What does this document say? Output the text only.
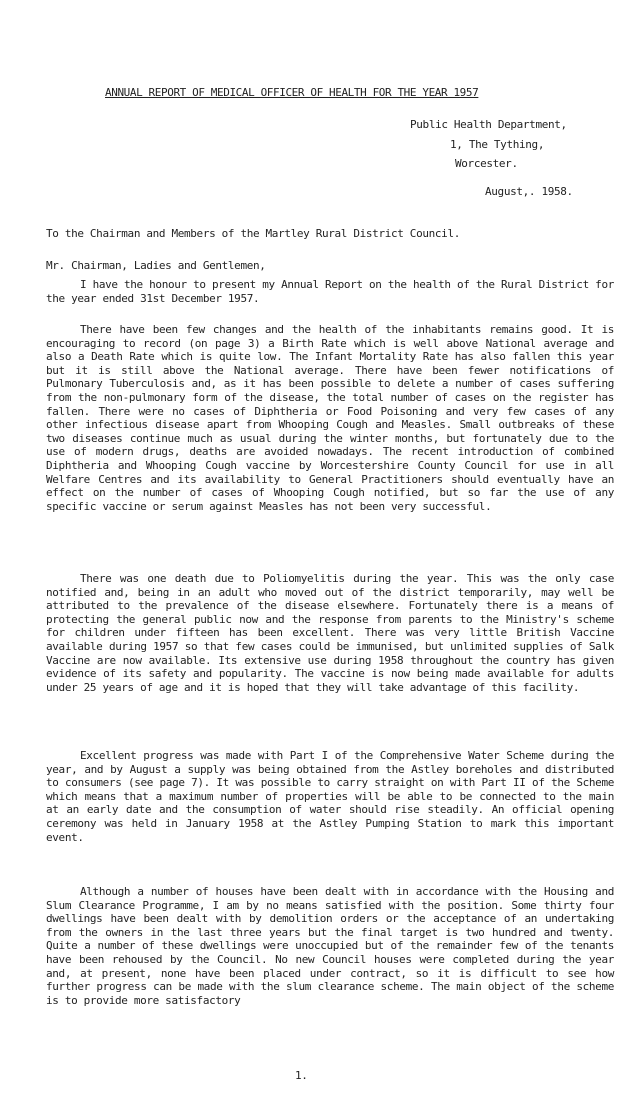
ANNUAL REPORT OF MEDICAL OFFICER OF HEALTH FOR THE YEAR 1957
Public Health Department,
1, The Tything,
Worcester.
August,. 1958.
To the Chairman and Members of the Martley Rural District Council.
Mr. Chairman, Ladies and Gentlemen,

I have the honour to present my Annual Report on the health of the Rural District for the year ended 31st December 1957.

There have been few changes and the health of the inhabitants remains good. It is encouraging to record (on page 3) a Birth Rate which is well above National average and also a Death Rate which is quite low. The Infant Mortality Rate has also fallen this year but it is still above the National average. There have been fewer notifications of Pulmonary Tuberculosis and, as it has been possible to delete a number of cases suffering from the non-pulmonary form of the disease, the total number of cases on the register has fallen. There were no cases of Diphtheria or Food Poisoning and very few cases of any other infectious disease apart from Whooping Cough and Measles. Small outbreaks of these two diseases continue much as usual during the winter months, but fortunately due to the use of modern drugs, deaths are avoided nowadays. The recent introduction of combined Diphtheria and Whooping Cough vaccine by Worcestershire County Council for use in all Welfare Centres and its availability to General Practitioners should eventually have an effect on the number of cases of Whooping Cough notified, but so far the use of any specific vaccine or serum against Measles has not been very successful.

There was one death due to Poliomyelitis during the year. This was the only case notified and, being in an adult who moved out of the district temporarily, may well be attributed to the prevalence of the disease elsewhere. Fortunately there is a means of protecting the general public now and the response from parents to the Ministry's scheme for children under fifteen has been excellent. There was very little British Vaccine available during 1957 so that few cases could be immunised, but unlimited supplies of Salk Vaccine are now available. Its extensive use during 1958 throughout the country has given evidence of its safety and popularity. The vaccine is now being made available for adults under 25 years of age and it is hoped that they will take advantage of this facility.

Excellent progress was made with Part I of the Comprehensive Water Scheme during the year, and by August a supply was being obtained from the Astley boreholes and distributed to consumers (see page 7). It was possible to carry straight on with Part II of the Scheme which means that a maximum number of properties will be able to be connected to the main at an early date and the consumption of water should rise steadily. An official opening ceremony was held in January 1958 at the Astley Pumping Station to mark this important event.

Although a number of houses have been dealt with in accordance with the Housing and Slum Clearance Programme, I am by no means satisfied with the position. Some thirty four dwellings have been dealt with by demolition orders or the acceptance of an undertaking from the owners in the last three years but the final target is two hundred and twenty. Quite a number of these dwellings were unoccupied but of the remainder few of the tenants have been rehoused by the Council. No new Council houses were completed during the year and, at present, none have been placed under contract, so it is difficult to see how further progress can be made with the slum clearance scheme. The main object of the scheme is to provide more satisfactory

1.
